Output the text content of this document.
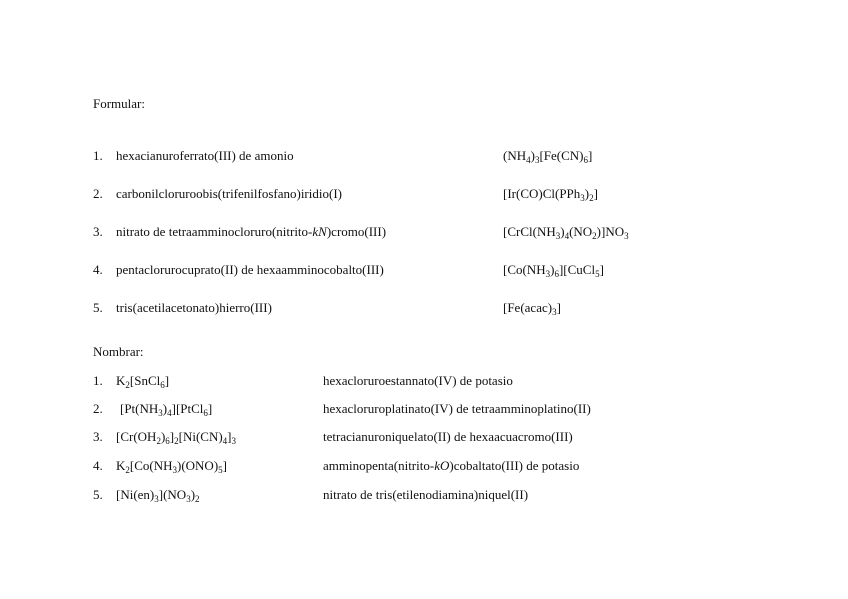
Formular:
1. hexacianuroferrato(III) de amonio	$(NH_4)_3[Fe(CN)_6]$
2. carbonilcloruroobis(trifenilfosfano)iridio(I)	$[Ir(CO)Cl(PPh_3)_2]$
3. nitrato de tetraamminocloruro(nitrito-kN)cromo(III)	$[CrCl(NH_3)_4(NO_2)]NO_3$
4. pentaclorurocuprato(II) de hexaamminocobalto(III)	$[Co(NH_3)_6][CuCl_5]$
5. tris(acetilacetonato)hierro(III)	$[Fe(acac)_3]$
Nombrar:
1. $K_2[SnCl_6]$	hexacloruroestannato(IV) de potasio
2. $[Pt(NH_3)_4][PtCl_6]$	hexacloruroplatinato(IV) de tetraamminoplatino(II)
3. $[Cr(OH_2)_6]_2[Ni(CN)_4]_3$	tetracianuroniquelato(II) de hexaacuacromo(III)
4. $K_2[Co(NH_3)(ONO)_5]$	amminopenta(nitrito-kO)cobaltato(III) de potasio
5. $[Ni(en)_3](NO_3)_2$	nitrato de tris(etilenodiamina)niquel(II)
